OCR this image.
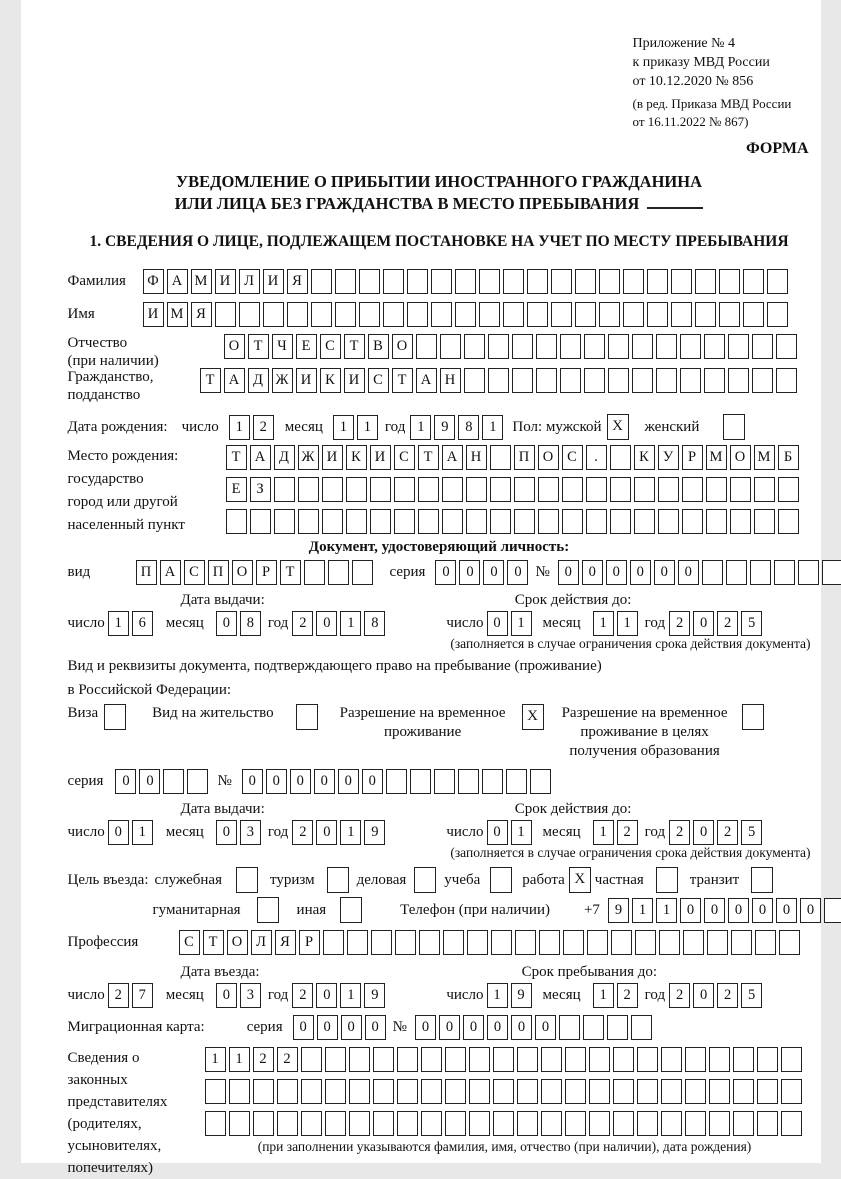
Приложение № 4
к приказу МВД России
от 10.12.2020 № 856
(в ред. Приказа МВД России
от 16.11.2022 № 867)
ФОРМА
УВЕДОМЛЕНИЕ О ПРИБЫТИИ ИНОСТРАННОГО ГРАЖДАНИНА
ИЛИ ЛИЦА БЕЗ ГРАЖДАНСТВА В МЕСТО ПРЕБЫВАНИЯ
1. СВЕДЕНИЯ О ЛИЦЕ, ПОДЛЕЖАЩЕМ ПОСТАНОВКЕ НА УЧЕТ ПО МЕСТУ ПРЕБЫВАНИЯ
Фамилия	Ф А М И Л И Я
Имя	И М Я
Отчество
(при наличии)
О Т	Ч	Е	С	Т	В О
Гражданство,
подданство
Т А Д Ж И К И С	Т А Н
Дата рождения: число	1	2	месяц	1	1 год 1	9	8	1	Пол: мужской X	женский
Место рождения:
государство
город или другой
населенный пункт
Т А Д Ж И К И С	Т А Н	П О С	.	К У	Р М О М Б
Е	З
Документ, удостоверяющий личность:
вид	П А С П О	Р	Т	серия	0	0	0	0 №	0	0	0	0	0	0
Дата выдачи:	Срок действия до:
число 1	6	месяц	0	8 год 2	0	1	8	число 0	1	месяц	1	1 год 2	0	2	5
(заполняется в случае ограничения срока действия документа)
Вид и реквизиты документа, подтверждающего право на пребывание (проживание)
в Российской Федерации:
Виза	Вид на жительство	Разрешение на временное
проживание
X	Разрешение на временное
проживание в целях
получения образования
серия	0	0	№	0	0	0	0	0	0
Дата выдачи:	Срок действия до:
число 0	1	месяц	0	3 год 2	0	1	9	число 0	1	месяц	1	2 год 2	0	2	5
(заполняется в случае ограничения срока действия документа)
Цель въезда: служебная	туризм	деловая	учеба	работа X частная	транзит
гуманитарная	иная	Телефон (при наличии) +7	9	1	1	0	0	0	0	0	0
Профессия	С	Т О Л Я	Р
Дата въезда:	Срок пребывания до:
число 2	7	месяц	0	3 год 2	0	1	9	число 1	9	месяц	1	2 год 2	0	2	5
Миграционная карта:	серия	0	0	0	0 №	0	0	0	0	0	0
Сведения о
законных
представителях
(родителях,
усыновителях,
попечителях)
1	1	2	2
(при заполнении указываются фамилия, имя, отчество (при наличии), дата рождения)
